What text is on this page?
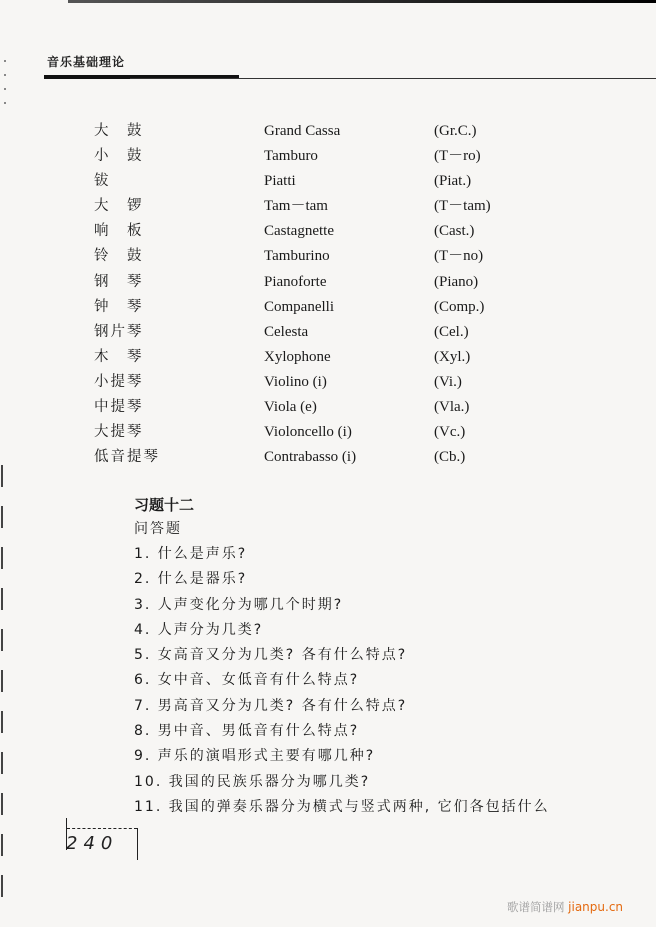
音乐基础理论
大　鼓	Grand Cassa	(Gr.C.)
小　鼓	Tamburo	(T－ro)
钹	Piatti	(Piat.)
大　锣	Tam－tam	(T－tam)
响　板	Castagnette	(Cast.)
铃　鼓	Tamburino	(T－no)
钢　琴	Pianoforte	(Piano)
钟　琴	Companelli	(Comp.)
钢片琴	Celesta	(Cel.)
木　琴	Xylophone	(Xyl.)
小提琴	Violino (i)	(Vi.)
中提琴	Viola (e)	(Vla.)
大提琴	Violoncello (i)	(Vc.)
低音提琴	Contrabasso (i)	(Cb.)
习题十二
问答题
1. 什么是声乐?
2. 什么是器乐?
3. 人声变化分为哪几个时期?
4. 人声分为几类?
5. 女高音又分为几类? 各有什么特点?
6. 女中音、女低音有什么特点?
7. 男高音又分为几类? 各有什么特点?
8. 男中音、男低音有什么特点?
9. 声乐的演唱形式主要有哪几种?
10. 我国的民族乐器分为哪几类?
11. 我国的弹奏乐器分为横式与竖式两种, 它们各包括什么
240
歌谱简谱网 jianpu.cn
